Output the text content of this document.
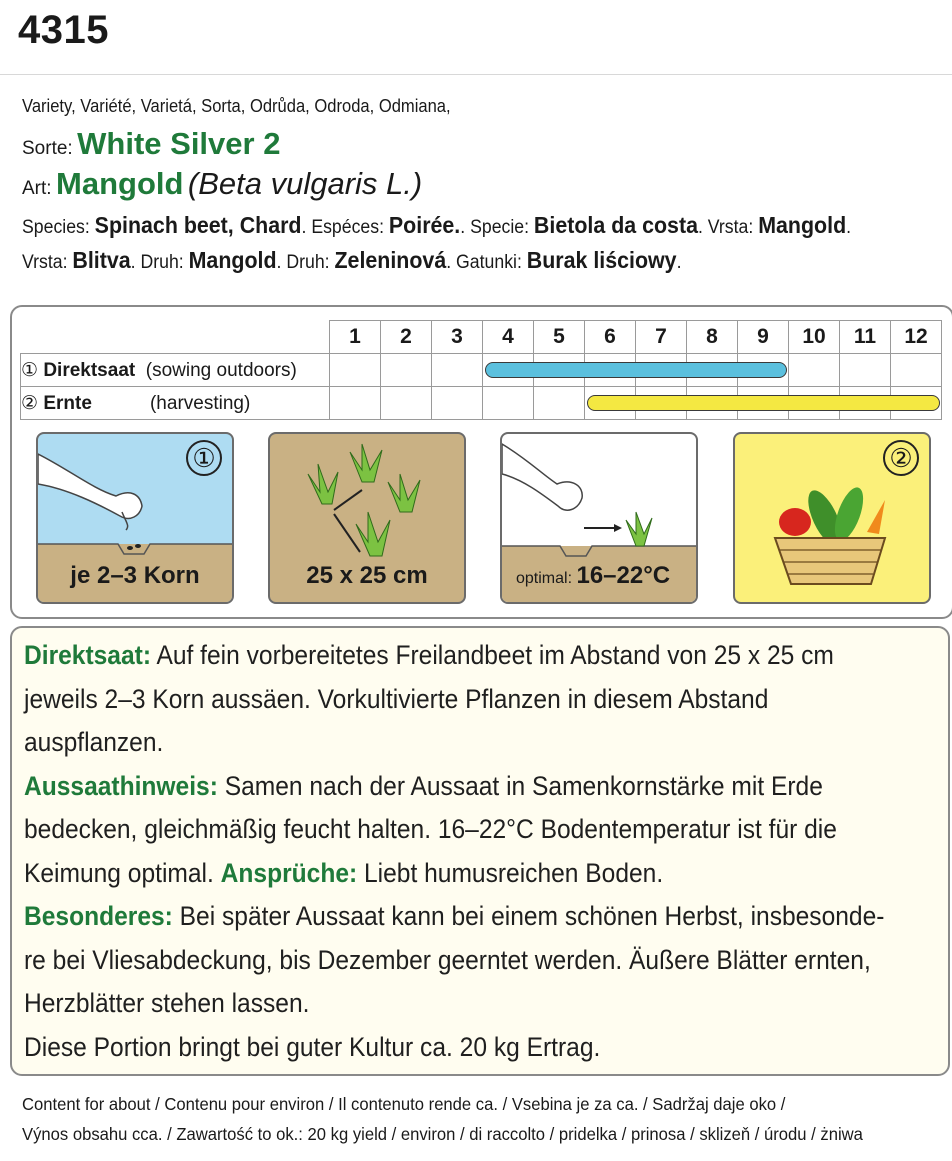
4315
Variety, Variété, Varietá, Sorta, Odrůda, Odroda, Odmiana,
Sorte: White Silver 2
Art: Mangold (Beta vulgaris L.)
Species: Spinach beet, Chard. Espéces: Poirée.. Specie: Bietola da costa. Vrsta: Mangold.
Vrsta: Blitva. Druh: Mangold. Druh: Zeleninová. Gatunki: Burak liściowy.
	1	2	3	4	5	6	7	8	9	10	11	12
① Direktsaat (sowing outdoors)												
② Ernte (harvesting)												
①
je 2–3 Korn	25 x 25 cm	optimal: 16–22°C
②

Direktsaat: Auf fein vorbereitetes Freilandbeet im Abstand von 25 x 25 cm

jeweils 2–3 Korn aussäen. Vorkultivierte Pflanzen in diesem Abstand

auspflanzen.

Aussaathinweis: Samen nach der Aussaat in Samenkornstärke mit Erde

bedecken, gleichmäßig feucht halten. 16–22°C Bodentemperatur ist für die

Keimung optimal. Ansprüche: Liebt humusreichen Boden.

Besonderes: Bei später Aussaat kann bei einem schönen Herbst, insbesonde-

re bei Vliesabdeckung, bis Dezember geerntet werden. Äußere Blätter ernten,

Herzblätter stehen lassen.

Diese Portion bringt bei guter Kultur ca. 20 kg Ertrag.

Content for about / Contenu pour environ / Il contenuto rende ca. / Vsebina je za ca. / Sadržaj daje oko /
Výnos obsahu cca. / Zawartość to ok.: 20 kg yield / environ / di raccolto / pridelka / prinosa / sklizeň / úrodu / żniwa
